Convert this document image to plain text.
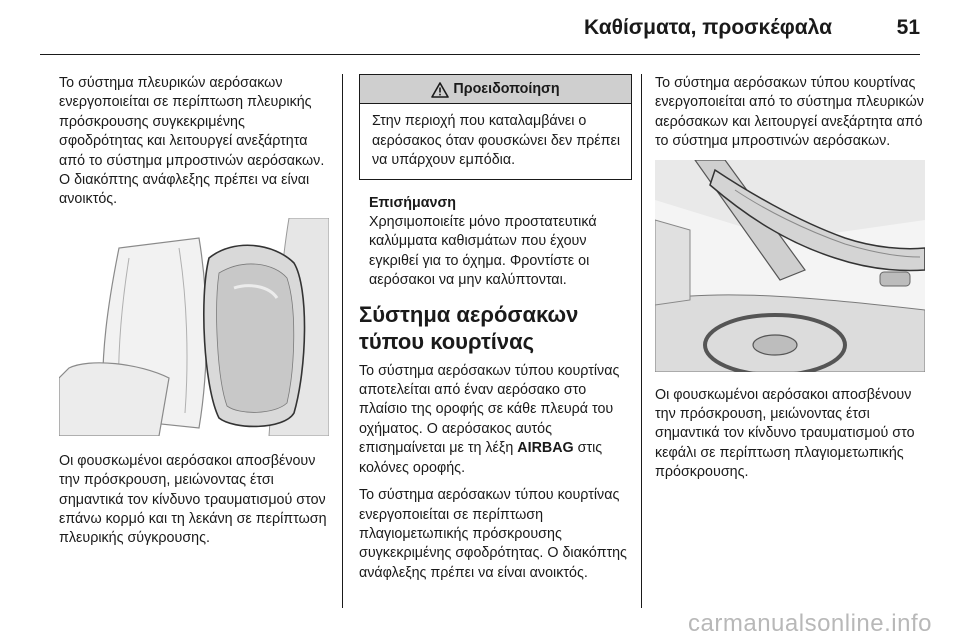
Καθίσματα, προσκέφαλα	51

Το σύστημα πλευρικών αερόσακων ενεργοποιείται σε περίπτωση πλευρικής πρόσκρουσης συγκεκριμένης σφοδρότητας και λειτουργεί ανεξάρτητα από το σύστημα μπροστινών αερόσακων. Ο διακόπτης ανάφλεξης πρέπει να είναι ανοικτός.

Οι φουσκωμένοι αερόσακοι αποσβένουν την πρόσκρουση, μειώνοντας έτσι σημαντικά τον κίνδυνο τραυματισμού στον επάνω κορμό και τη λεκάνη σε περίπτωση πλευρικής σύγκρουσης.

Προειδοποίηση
Στην περιοχή που καταλαμβάνει ο αερόσακος όταν φουσκώνει δεν πρέπει να υπάρχουν εμπόδια.

Επισήμανση
Χρησιμοποιείτε μόνο προστατευτικά καλύμματα καθισμάτων που έχουν εγκριθεί για το όχημα. Φροντίστε οι αερόσακοι να μην καλύπτονται.

Σύστημα αερόσακων τύπου κουρτίνας

Το σύστημα αερόσακων τύπου κουρτίνας αποτελείται από έναν αερόσακο στο πλαίσιο της οροφής σε κάθε πλευρά του οχήματος. Ο αερόσακος αυτός επισημαίνεται με τη λέξη AIRBAG στις κολόνες οροφής.

Το σύστημα αερόσακων τύπου κουρτίνας ενεργοποιείται σε περίπτωση πλαγιομετωπικής πρόσκρουσης συγκεκριμένης σφοδρότητας. Ο διακόπτης ανάφλεξης πρέπει να είναι ανοικτός.

Το σύστημα αερόσακων τύπου κουρτίνας ενεργοποιείται από το σύστημα πλευρικών αερόσακων και λειτουργεί ανεξάρτητα από το σύστημα μπροστινών αερόσακων.

Οι φουσκωμένοι αερόσακοι αποσβένουν την πρόσκρουση, μειώνοντας έτσι σημαντικά τον κίνδυνο τραυματισμού στο κεφάλι σε περίπτωση πλαγιομετωπικής πρόσκρουσης.

carmanualsonline.info
